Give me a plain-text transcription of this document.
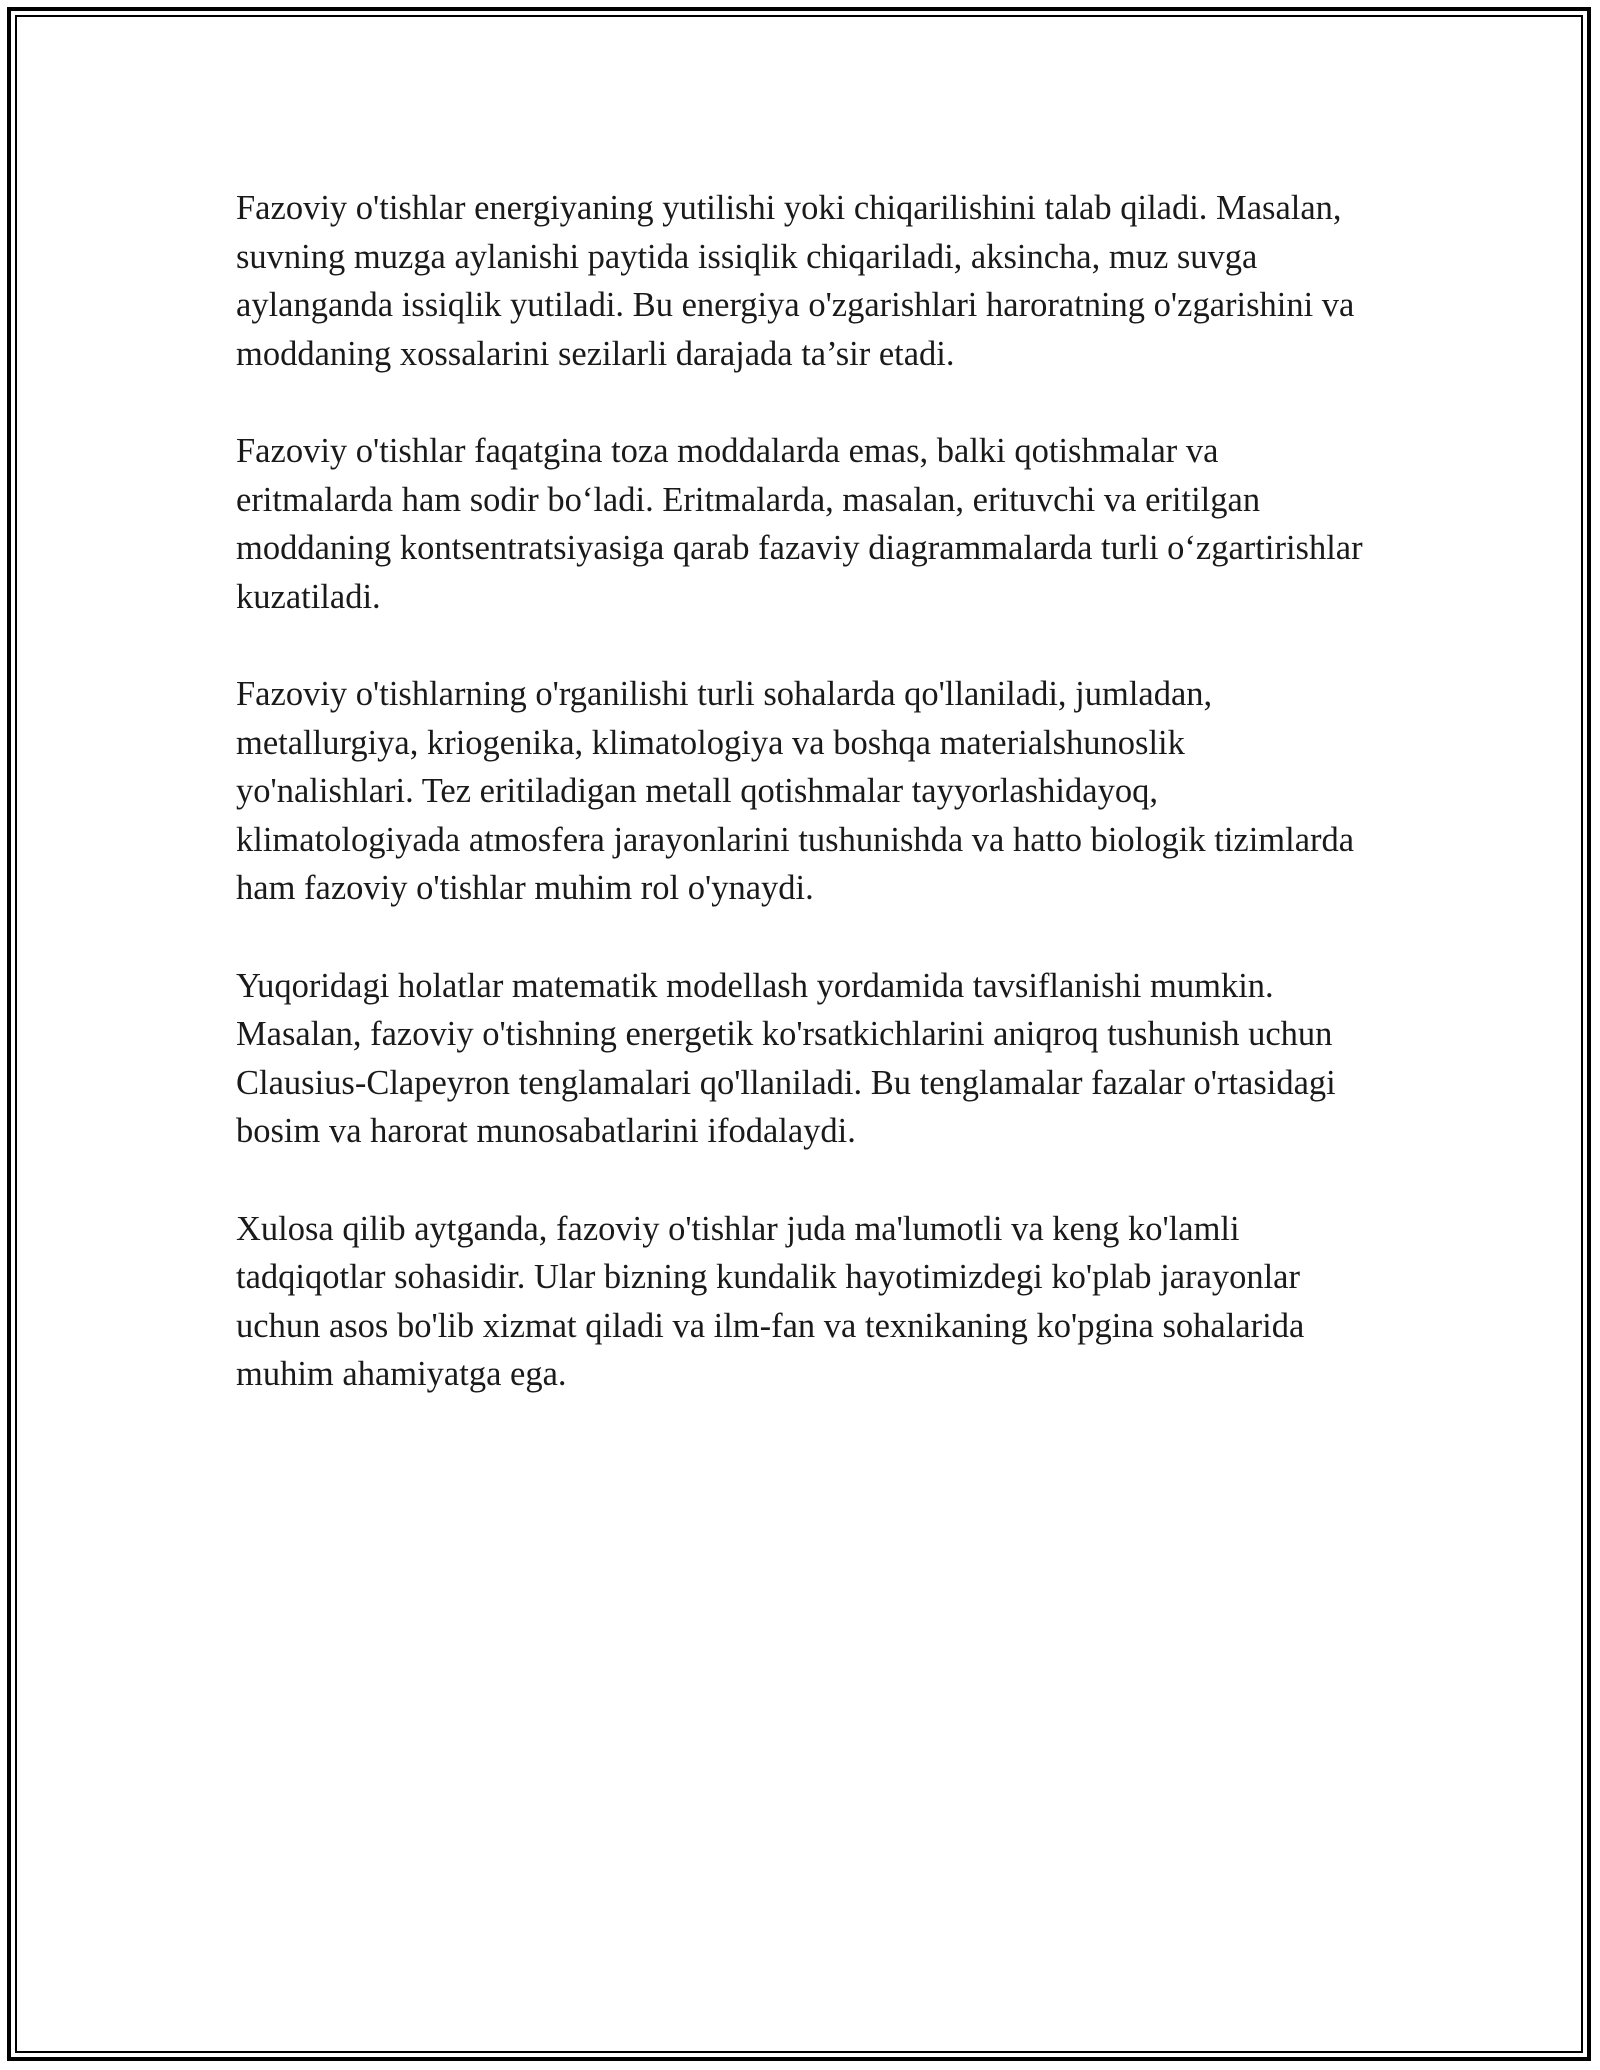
Fazoviy o'tishlar energiyaning yutilishi yoki chiqarilishini talab qiladi. Masalan, suvning muzga aylanishi paytida issiqlik chiqariladi, aksincha, muz suvga aylanganda issiqlik yutiladi. Bu energiya o'zgarishlari haroratning o'zgarishini va moddaning xossalarini sezilarli darajada ta’sir etadi.

Fazoviy o'tishlar faqatgina toza moddalarda emas, balki qotishmalar va eritmalarda ham sodir bo‘ladi. Eritmalarda, masalan, erituvchi va eritilgan moddaning kontsentratsiyasiga qarab fazaviy diagrammalarda turli o‘zgartirishlar kuzatiladi.

Fazoviy o'tishlarning o'rganilishi turli sohalarda qo'llaniladi, jumladan, metallurgiya, kriogenika, klimatologiya va boshqa materialshunoslik yo'nalishlari. Tez eritiladigan metall qotishmalar tayyorlashidayoq, klimatologiyada atmosfera jarayonlarini tushunishda va hatto biologik tizimlarda ham fazoviy o'tishlar muhim rol o'ynaydi.

Yuqoridagi holatlar matematik modellash yordamida tavsiflanishi mumkin. Masalan, fazoviy o'tishning energetik ko'rsatkichlarini aniqroq tushunish uchun Clausius-Clapeyron tenglamalari qo'llaniladi. Bu tenglamalar fazalar o'rtasidagi bosim va harorat munosabatlarini ifodalaydi.

Xulosa qilib aytganda, fazoviy o'tishlar juda ma'lumotli va keng ko'lamli tadqiqotlar sohasidir. Ular bizning kundalik hayotimizdegi ko'plab jarayonlar uchun asos bo'lib xizmat qiladi va ilm-fan va texnikaning ko'pgina sohalarida muhim ahamiyatga ega.
